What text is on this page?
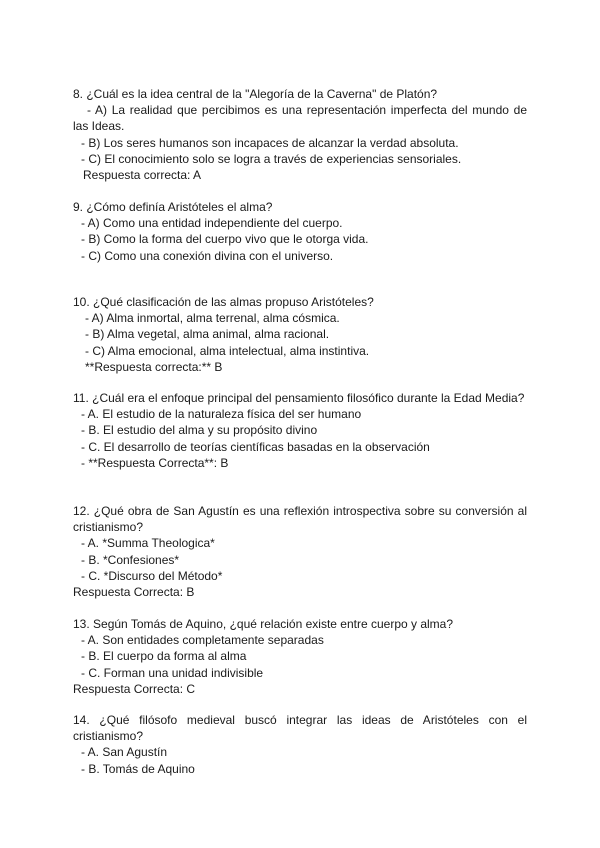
8. ¿Cuál es la idea central de la "Alegoría de la Caverna" de Platón?

- A) La realidad que percibimos es una representación imperfecta del mundo de las Ideas.

- B) Los seres humanos son incapaces de alcanzar la verdad absoluta.

- C) El conocimiento solo se logra a través de experiencias sensoriales.

Respuesta correcta: A

9. ¿Cómo definía Aristóteles el alma?

- A) Como una entidad independiente del cuerpo.

- B) Como la forma del cuerpo vivo que le otorga vida.

- C) Como una conexión divina con el universo.

10. ¿Qué clasificación de las almas propuso Aristóteles?

- A) Alma inmortal, alma terrenal, alma cósmica.

- B) Alma vegetal, alma animal, alma racional.

- C) Alma emocional, alma intelectual, alma instintiva.

**Respuesta correcta:** B

11. ¿Cuál era el enfoque principal del pensamiento filosófico durante la Edad Media?

- A. El estudio de la naturaleza física del ser humano

- B. El estudio del alma y su propósito divino

- C. El desarrollo de teorías científicas basadas en la observación

- **Respuesta Correcta**: B

12. ¿Qué obra de San Agustín es una reflexión introspectiva sobre su conversión al cristianismo?

- A. *Summa Theologica*

- B. *Confesiones*

- C. *Discurso del Método*

Respuesta Correcta: B

13. Según Tomás de Aquino, ¿qué relación existe entre cuerpo y alma?

- A. Son entidades completamente separadas

- B. El cuerpo da forma al alma

- C. Forman una unidad indivisible

Respuesta Correcta: C

14. ¿Qué filósofo medieval buscó integrar las ideas de Aristóteles con el cristianismo?

- A. San Agustín

- B. Tomás de Aquino
